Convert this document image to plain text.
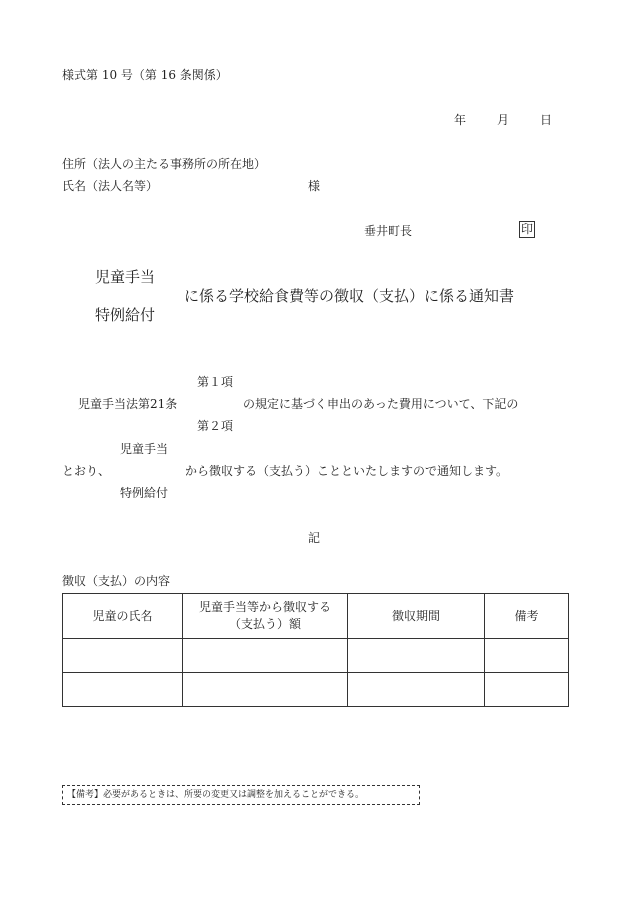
様式第 10 号（第 16 条関係）
年	月	日
住所（法人の主たる事務所の所在地）
氏名（法人名等）	様
垂井町長	印
児童手当
に係る学校給食費等の徴収（支払）に係る通知書
特例給付
第１項
児童手当法第21条	の規定に基づく申出のあった費用について、下記の
第２項
児童手当
とおり、	から徴収する（支払う）ことといたしますので通知します。
特例給付
記
徴収（支払）の内容
児童の氏名	児童手当等から徴収する（支払う）額	徴収期間	備考

【備考】必要があるときは、所要の変更又は調整を加えることができる。
